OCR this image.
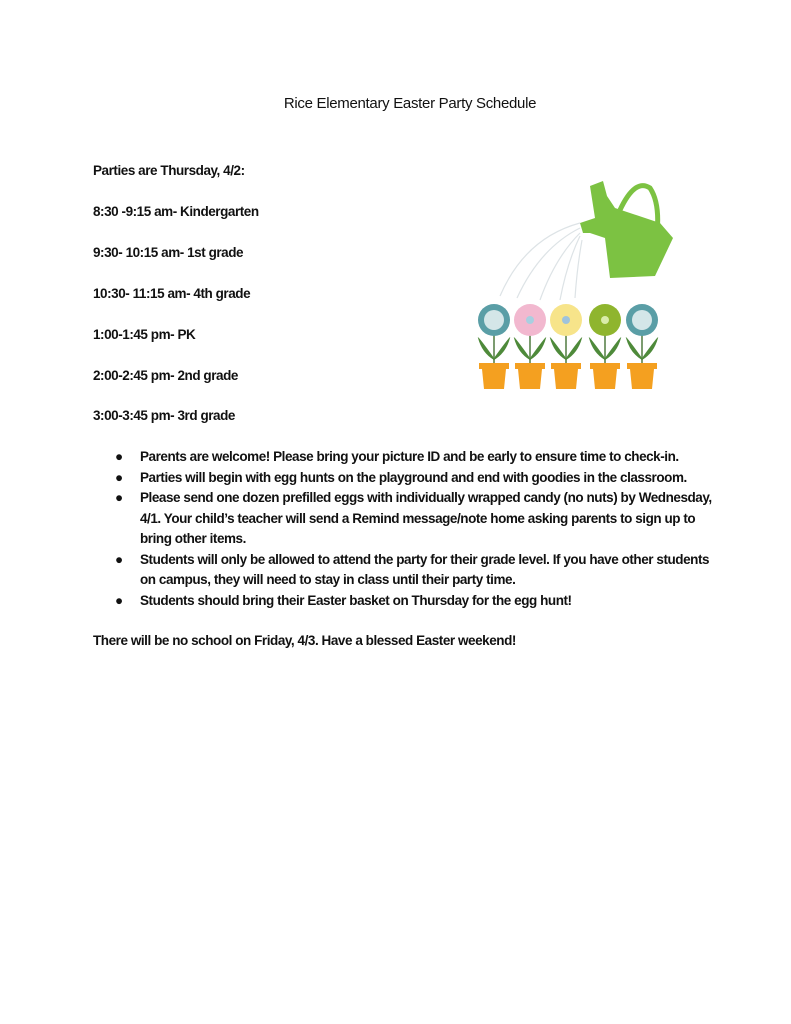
Rice Elementary Easter Party Schedule
Parties are Thursday, 4/2:
8:30 -9:15 am- Kindergarten
9:30- 10:15 am- 1st grade
10:30- 11:15 am- 4th grade
1:00-1:45 pm- PK
2:00-2:45 pm- 2nd grade
3:00-3:45 pm- 3rd grade
● Parents are welcome! Please bring your picture ID and be early to ensure time to check-in.
● Parties will begin with egg hunts on the playground and end with goodies in the classroom.
● Please send one dozen prefilled eggs with individually wrapped candy (no nuts) by Wednesday, 4/1. Your child’s teacher will send a Remind message/note home asking parents to sign up to bring other items.
● Students will only be allowed to attend the party for their grade level. If you have other students on campus, they will need to stay in class until their party time.
● Students should bring their Easter basket on Thursday for the egg hunt!
There will be no school on Friday, 4/3. Have a blessed Easter weekend!
